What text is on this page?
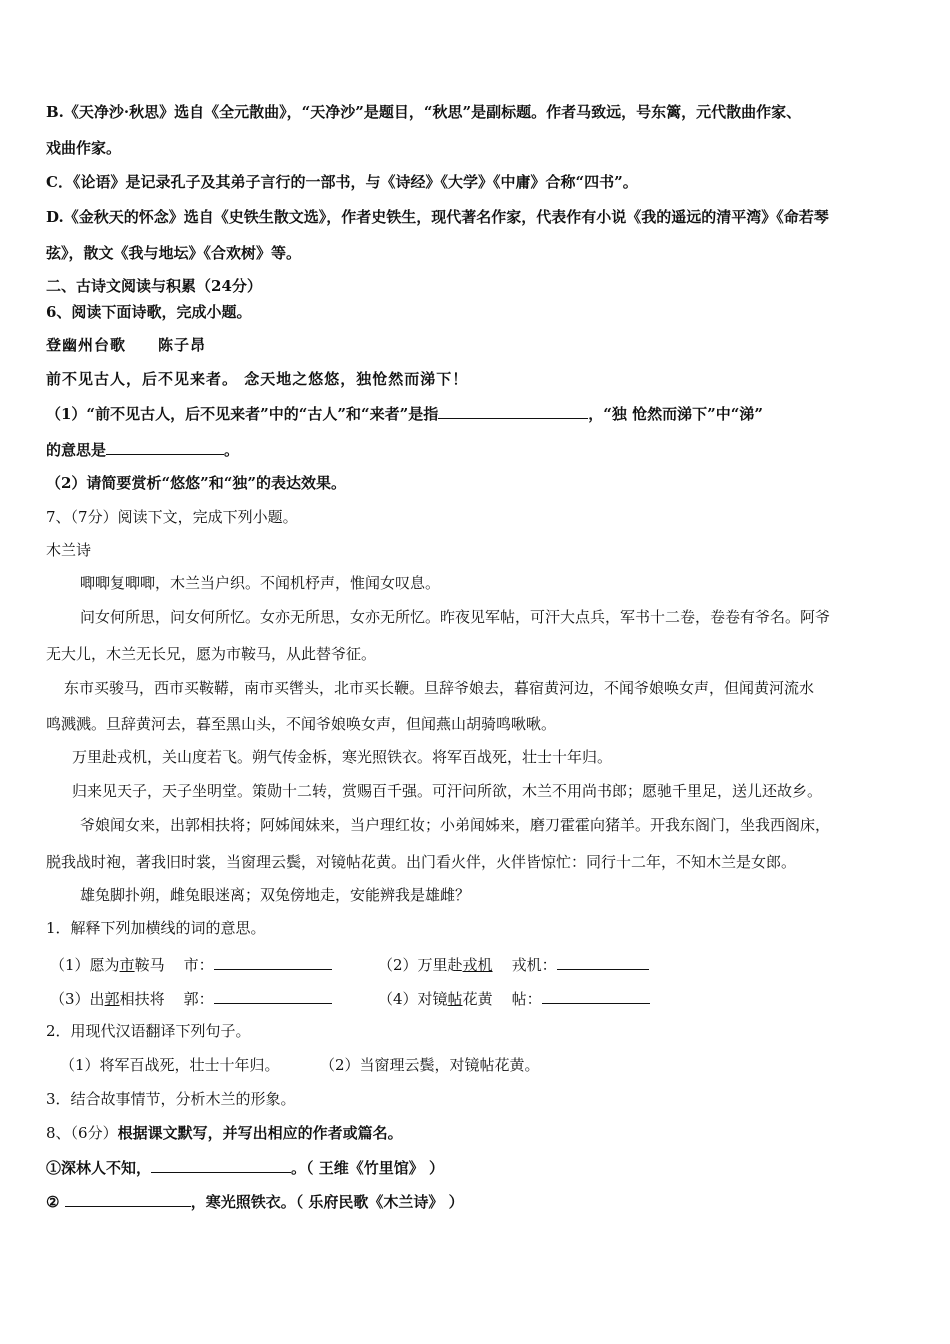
B.《天净沙·秋思》选自《全元散曲》，“天净沙”是题目，“秋思”是副标题。作者马致远，号东篱，元代散曲作家、
戏曲作家。
C．《论语》是记录孔子及其弟子言行的一部书，与《诗经》《大学》《中庸》合称“四书”。
D.《金秋天的怀念》选自《史铁生散文选》，作者史铁生，现代著名作家，代表作有小说《我的遥远的清平湾》《命若琴
弦》，散文《我与地坛》《合欢树》等。
二、古诗文阅读与积累（24分）
6、阅读下面诗歌，完成小题。
登幽州台歌　　陈子昂
前不见古人，后不见来者。 念天地之悠悠，独怆然而涕下！
（1）“前不见古人，后不见来者”中的“古人”和“来者”是指	，“独 怆然而涕下”中“涕”
的意思是	。
（2）请简要赏析“悠悠”和“独”的表达效果。
7、（7分）阅读下文，完成下列小题。
木兰诗
唧唧复唧唧，木兰当户织。不闻机杼声，惟闻女叹息。
问女何所思，问女何所忆。女亦无所思，女亦无所忆。昨夜见军帖，可汗大点兵，军书十二卷，卷卷有爷名。阿爷
无大儿，木兰无长兄，愿为市鞍马，从此替爷征。
东市买骏马，西市买鞍鞯，南市买辔头，北市买长鞭。旦辞爷娘去，暮宿黄河边，不闻爷娘唤女声，但闻黄河流水
鸣溅溅。旦辞黄河去，暮至黑山头，不闻爷娘唤女声，但闻燕山胡骑鸣啾啾。
万里赴戎机，关山度若飞。朔气传金柝，寒光照铁衣。将军百战死，壮士十年归。
归来见天子，天子坐明堂。策勋十二转，赏赐百千强。可汗问所欲，木兰不用尚书郎；愿驰千里足，送儿还故乡。
爷娘闻女来，出郭相扶将；阿姊闻妹来，当户理红妆；小弟闻姊来，磨刀霍霍向猪羊。开我东阁门，坐我西阁床，
脱我战时袍，著我旧时裳，当窗理云鬓，对镜帖花黄。出门看火伴，火伴皆惊忙：同行十二年，不知木兰是女郎。
雄兔脚扑朔，雌兔眼迷离；双兔傍地走，安能辨我是雄雌？
1．解释下列加横线的词的意思。
（1）愿为市鞍马 市：	（2）万里赴戎机 戎机：
（3）出郭相扶将 郭：	（4）对镜帖花黄 帖：
2．用现代汉语翻译下列句子。
（1）将军百战死，壮士十年归。	（2）当窗理云鬓，对镜帖花黄。
3．结合故事情节，分析木兰的形象。
8、（6分）根据课文默写，并写出相应的作者或篇名。
①深林人不知，	。（ 王维《竹里馆》 ）
②	，寒光照铁衣。（ 乐府民歌《木兰诗》 ）
